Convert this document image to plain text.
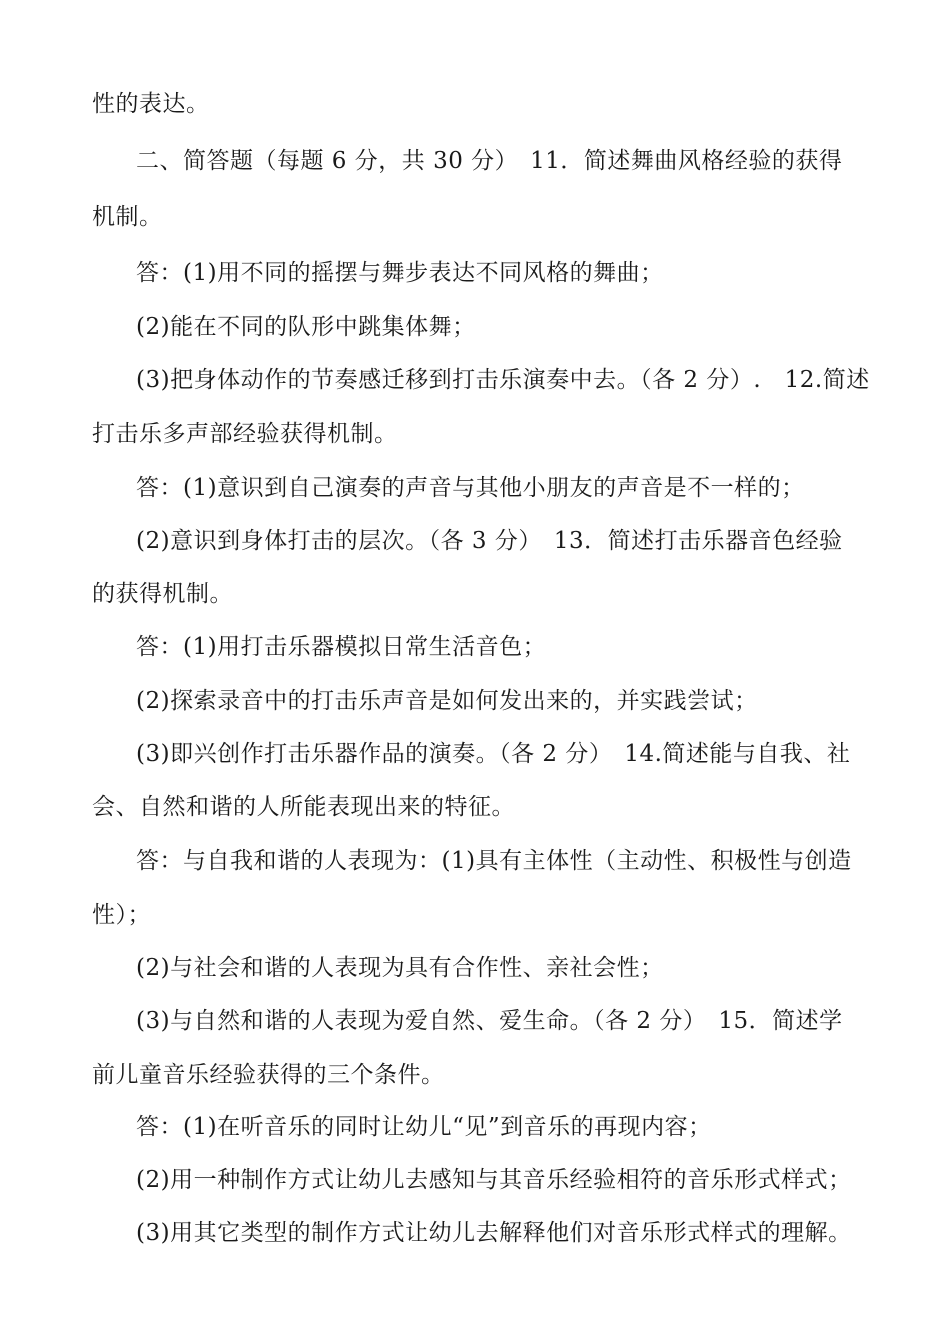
性的表达。
二、简答题（每题 6 分，共 30 分）　11．简述舞曲风格经验的获得
机制。
答：(1)用不同的摇摆与舞步表达不同风格的舞曲；
(2)能在不同的队形中跳集体舞；
(3)把身体动作的节奏感迁移到打击乐演奏中去。（各 2 分）.　12.简述
打击乐多声部经验获得机制。
答：(1)意识到自己演奏的声音与其他小朋友的声音是不一样的；
(2)意识到身体打击的层次。（各 3 分）　13．简述打击乐器音色经验
的获得机制。
答：(1)用打击乐器模拟日常生活音色；
(2)探索录音中的打击乐声音是如何发出来的，并实践尝试；
(3)即兴创作打击乐器作品的演奏。（各 2 分）　14.简述能与自我、社
会、自然和谐的人所能表现出来的特征。
答：与自我和谐的人表现为：(1)具有主体性（主动性、积极性与创造
性）；
(2)与社会和谐的人表现为具有合作性、亲社会性；
(3)与自然和谐的人表现为爱自然、爱生命。（各 2 分）　15．简述学
前儿童音乐经验获得的三个条件。
答：(1)在听音乐的同时让幼儿“见”到音乐的再现内容；
(2)用一种制作方式让幼儿去感知与其音乐经验相符的音乐形式样式；
(3)用其它类型的制作方式让幼儿去解释他们对音乐形式样式的理解。
